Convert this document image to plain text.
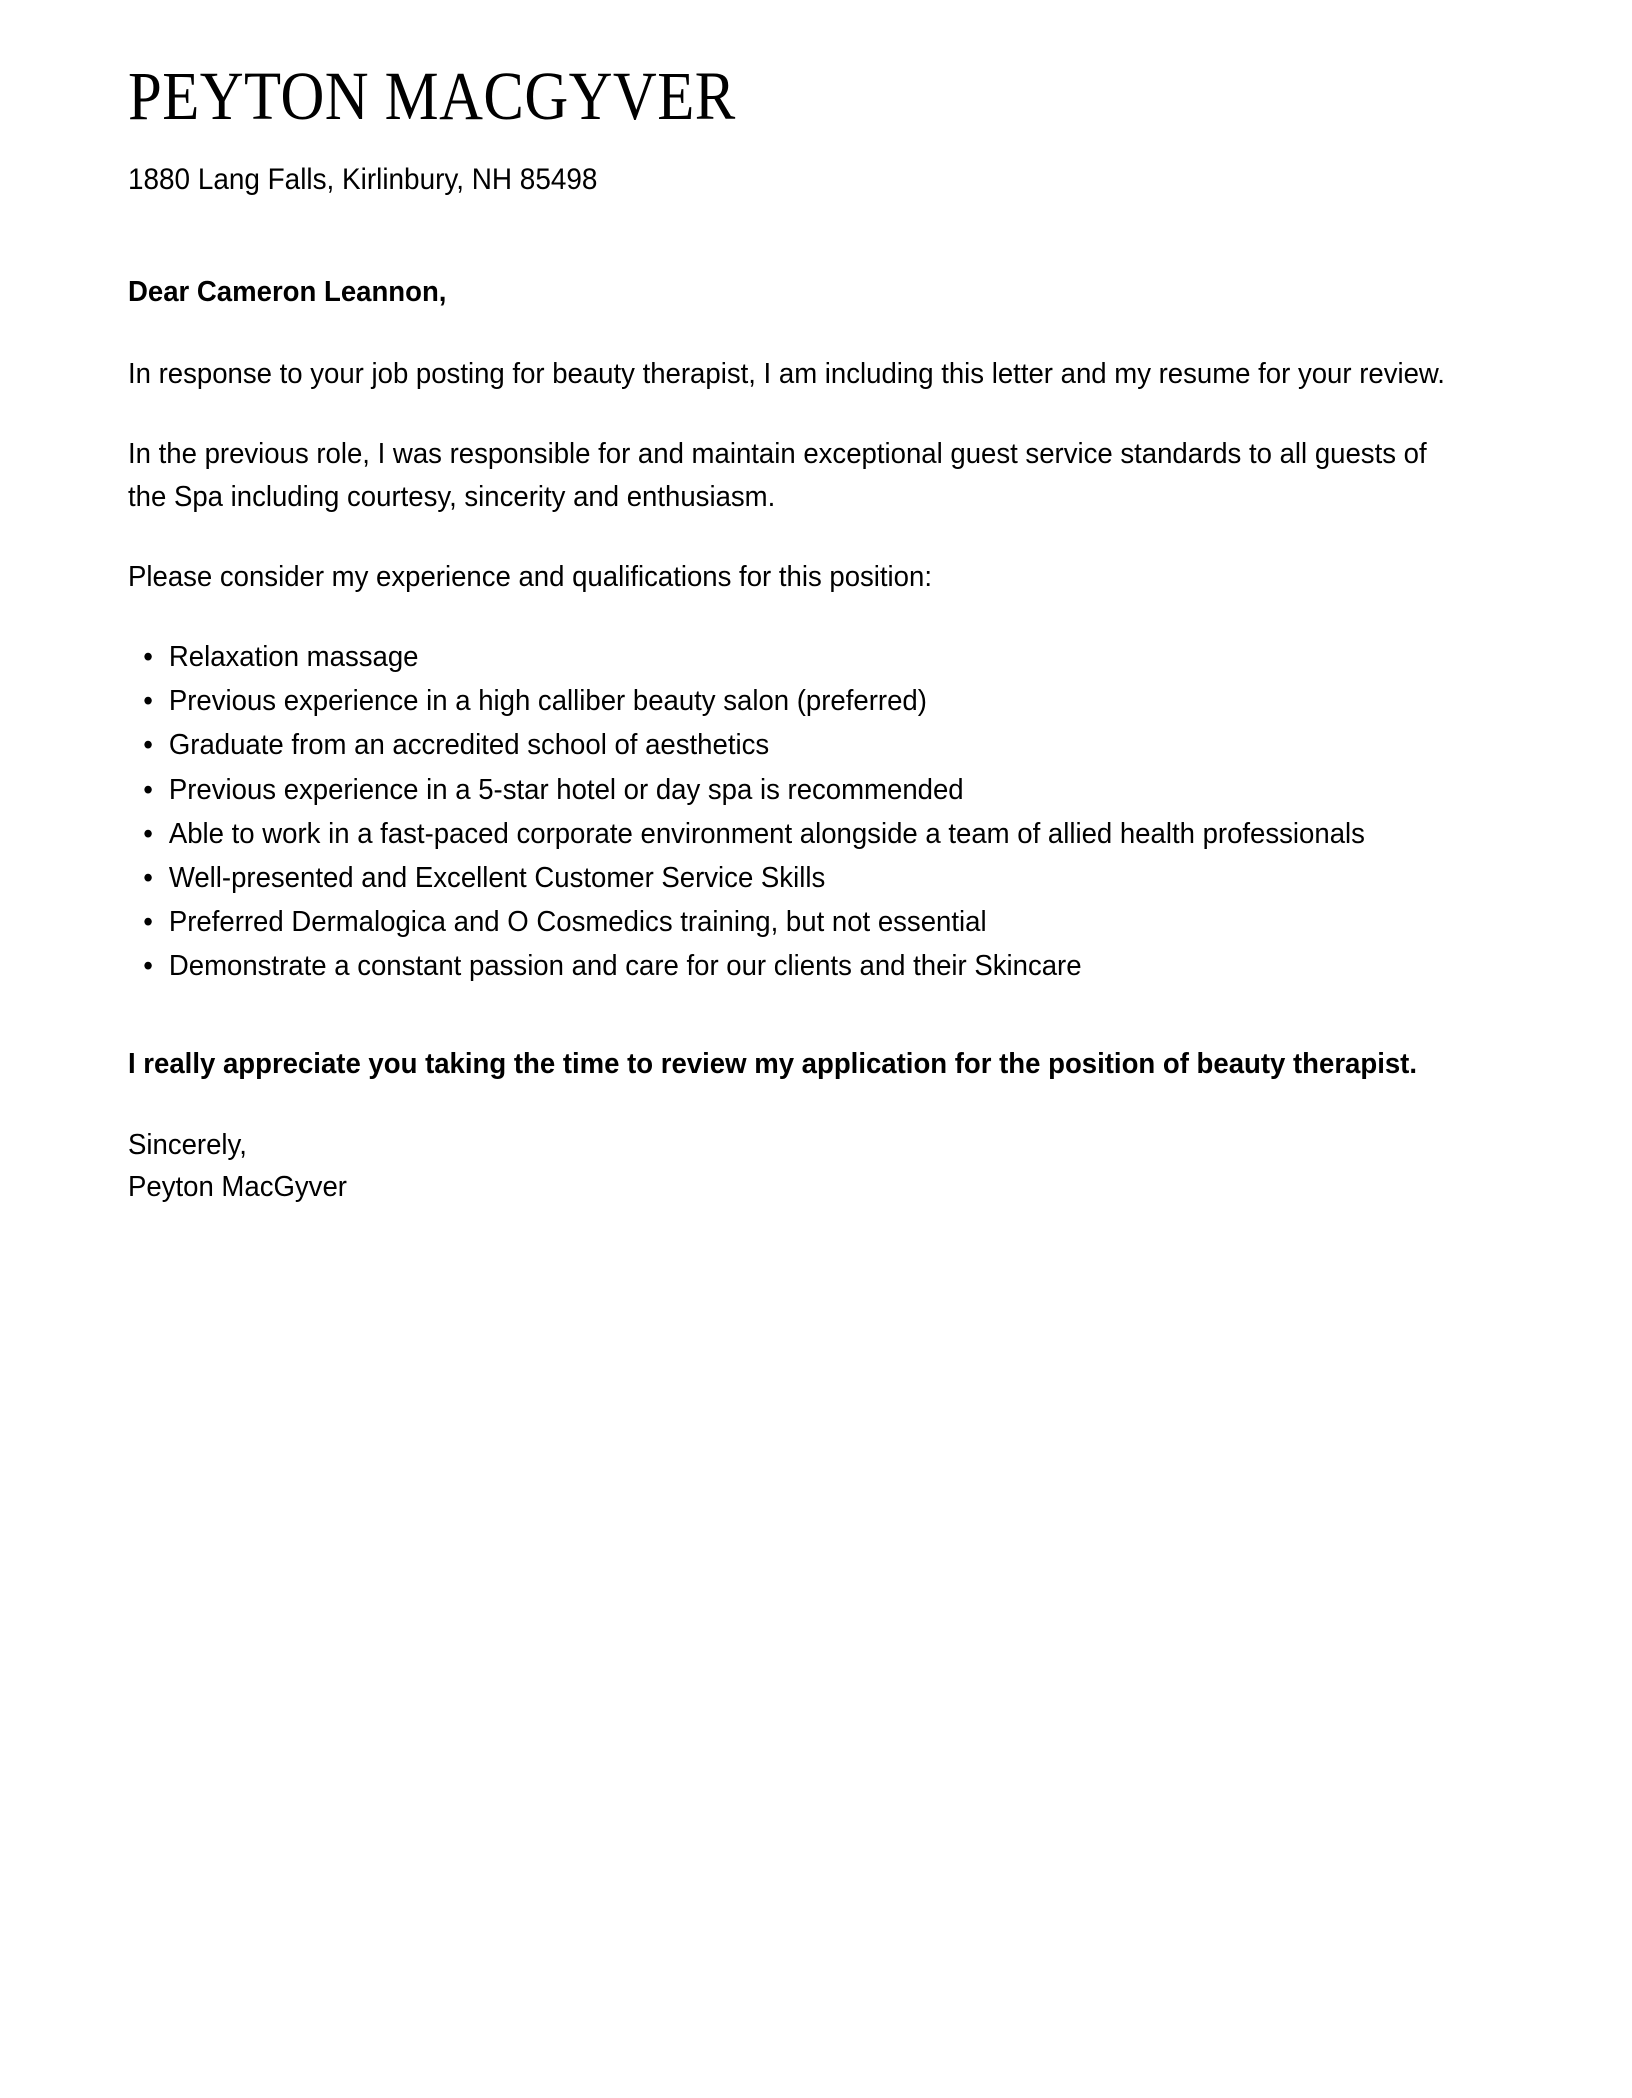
PEYTON MACGYVER
1880 Lang Falls, Kirlinbury, NH 85498

Dear Cameron Leannon,

In response to your job posting for beauty therapist, I am including this letter and my resume for your review.

In the previous role, I was responsible for and maintain exceptional guest service standards to all guests of the Spa including courtesy, sincerity and enthusiasm.

Please consider my experience and qualifications for this position:

• Relaxation massage
• Previous experience in a high calliber beauty salon (preferred)
• Graduate from an accredited school of aesthetics
• Previous experience in a 5-star hotel or day spa is recommended
• Able to work in a fast-paced corporate environment alongside a team of allied health professionals
• Well-presented and Excellent Customer Service Skills
• Preferred Dermalogica and O Cosmedics training, but not essential
• Demonstrate a constant passion and care for our clients and their Skincare

I really appreciate you taking the time to review my application for the position of beauty therapist.

Sincerely,

Peyton MacGyver
